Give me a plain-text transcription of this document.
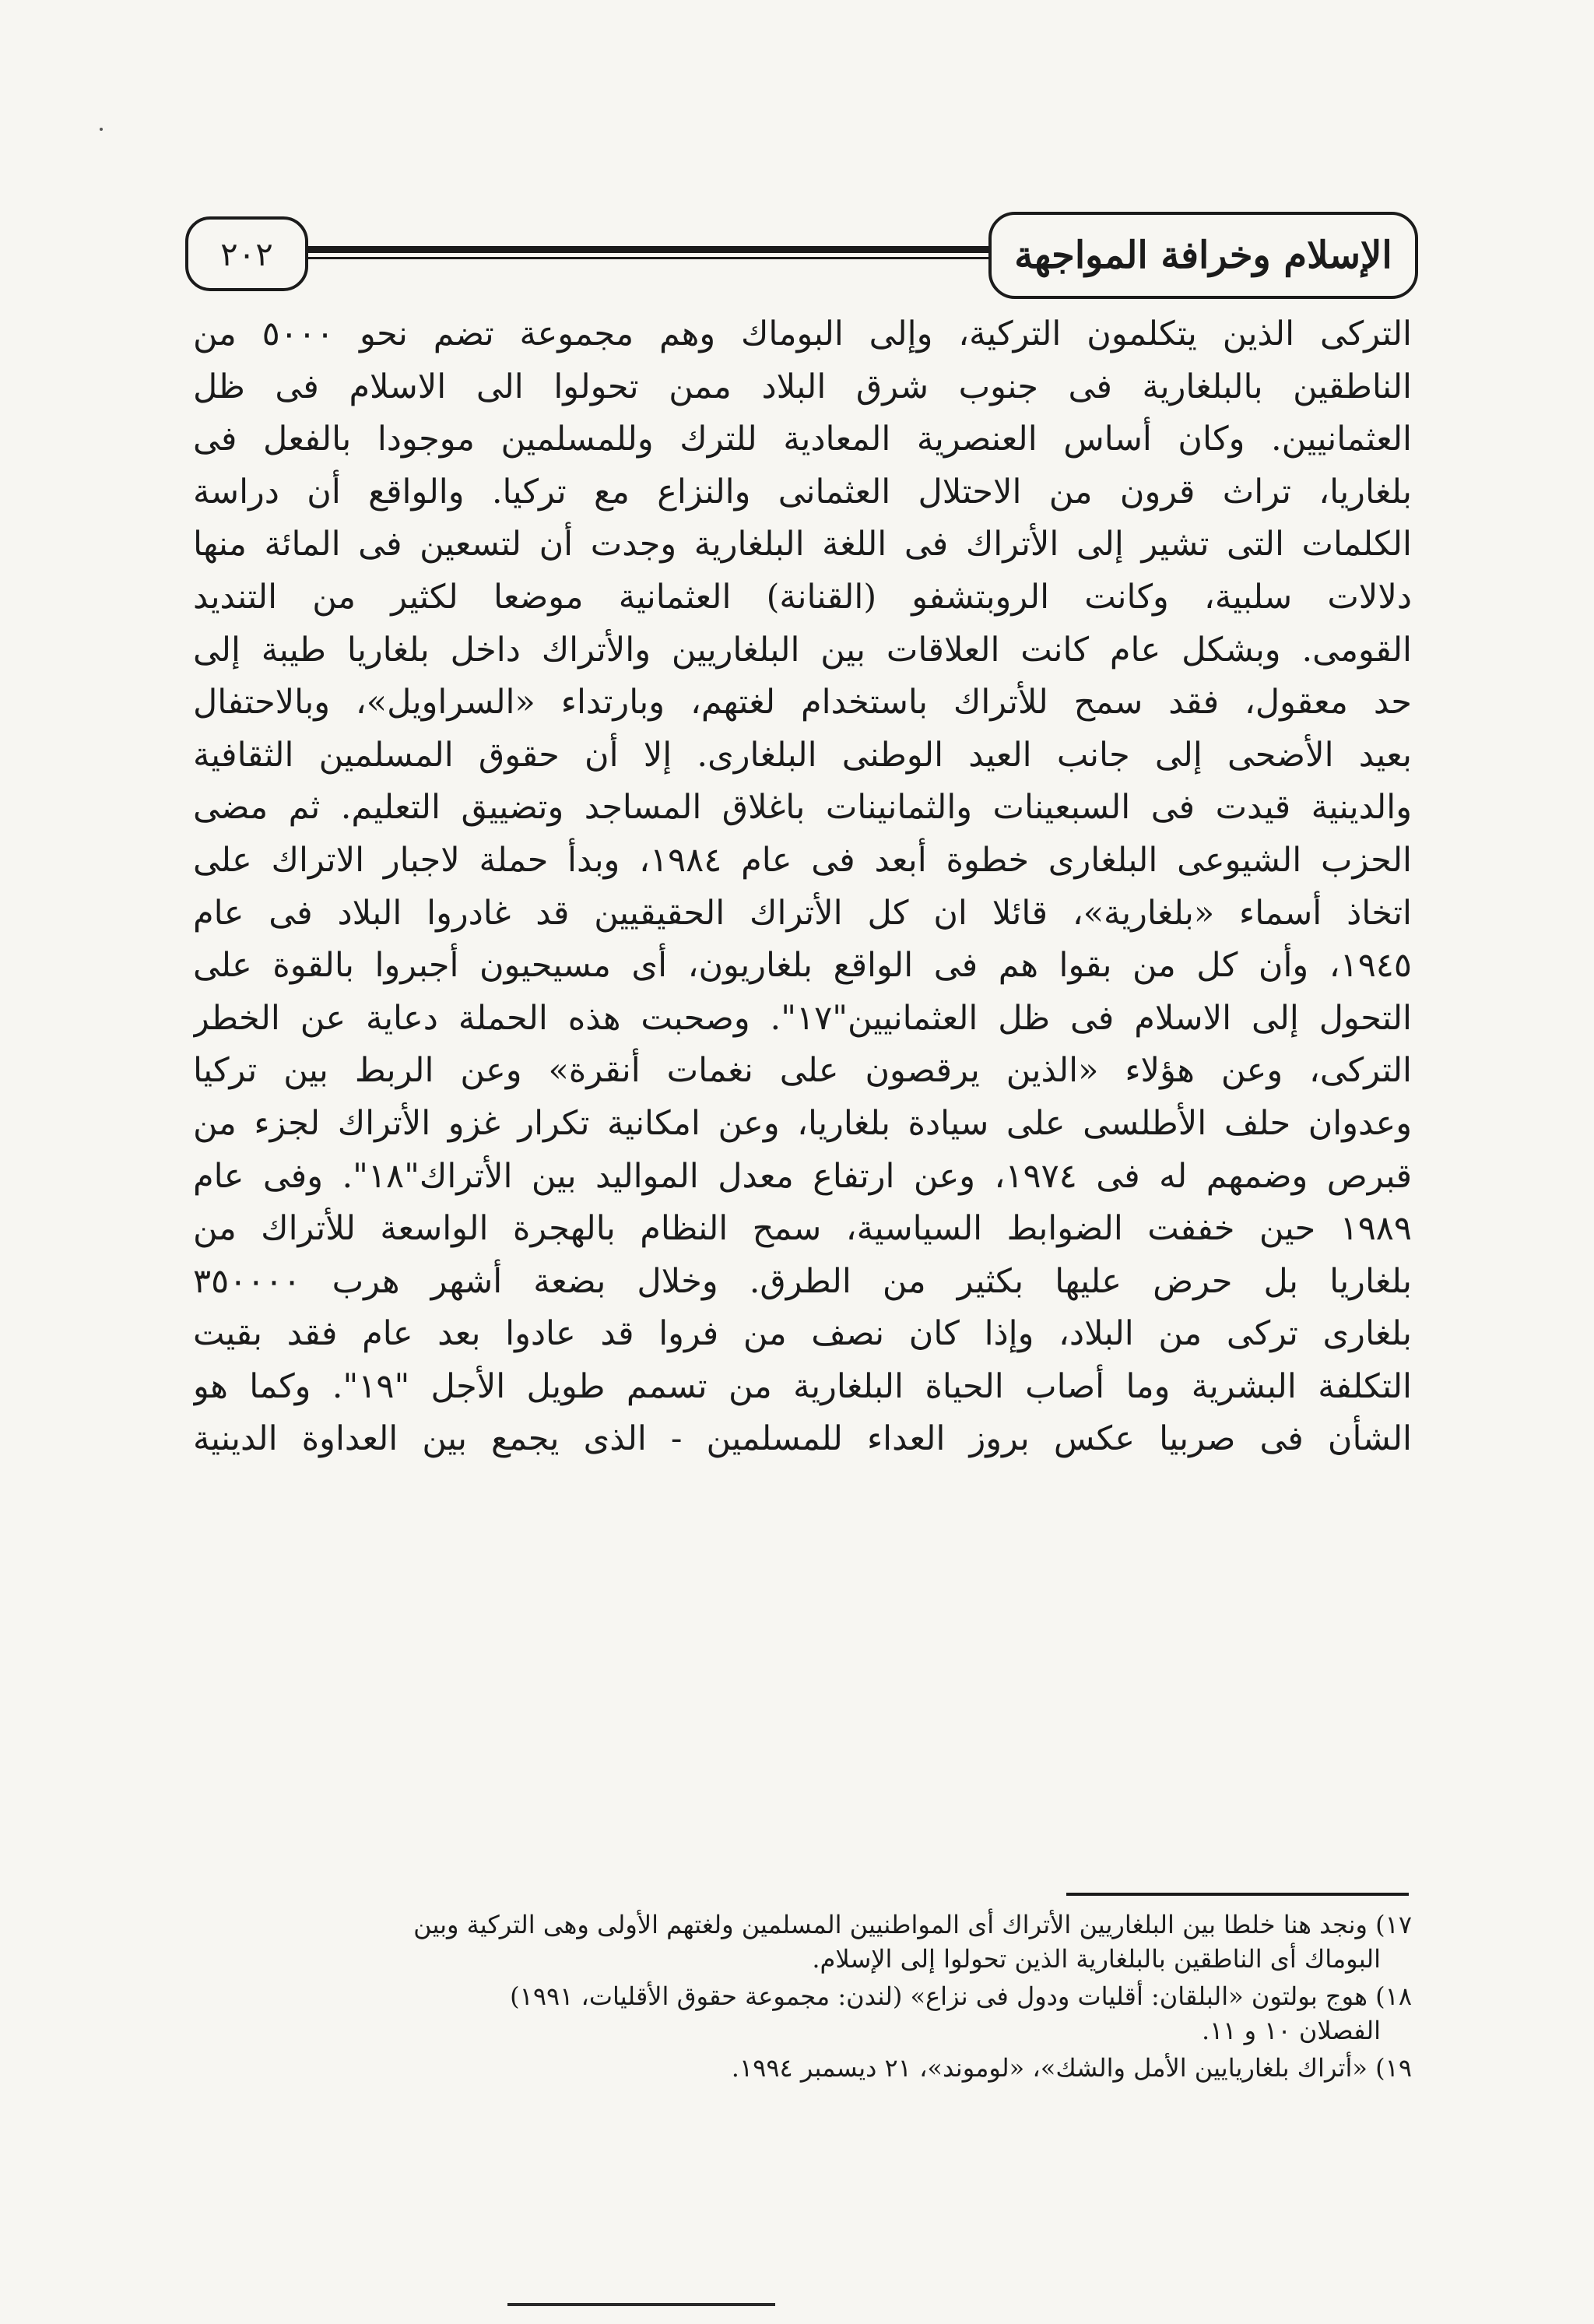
٢٠٢	الإسلام وخرافة المواجهة
التركى الذين يتكلمون التركية، وإلى البوماك وهم مجموعة تضم نحو ٥٠٠٠ من
الناطقين بالبلغارية فى جنوب شرق البلاد ممن تحولوا الى الاسلام فى ظل
العثمانيين. وكان أساس العنصرية المعادية للترك وللمسلمين موجودا بالفعل فى
بلغاريا، تراث قرون من الاحتلال العثمانى والنزاع مع تركيا. والواقع أن دراسة
الكلمات التى تشير إلى الأتراك فى اللغة البلغارية وجدت أن لتسعين فى المائة منها
دلالات سلبية، وكانت الروبتشفو (القنانة) العثمانية موضعا لكثير من التنديد
القومى. وبشكل عام كانت العلاقات بين البلغاريين والأتراك داخل بلغاريا طيبة إلى
حد معقول، فقد سمح للأتراك باستخدام لغتهم، وبارتداء «السراويل»، وبالاحتفال
بعيد الأضحى إلى جانب العيد الوطنى البلغارى. إلا أن حقوق المسلمين الثقافية
والدينية قيدت فى السبعينات والثمانينات باغلاق المساجد وتضييق التعليم. ثم مضى
الحزب الشيوعى البلغارى خطوة أبعد فى عام ١٩٨٤، وبدأ حملة لاجبار الاتراك على
اتخاذ أسماء «بلغارية»، قائلا ان كل الأتراك الحقيقيين قد غادروا البلاد فى عام
١٩٤٥، وأن كل من بقوا هم فى الواقع بلغاريون، أى مسيحيون أجبروا بالقوة على
التحول إلى الاسلام فى ظل العثمانيين"١٧". وصحبت هذه الحملة دعاية عن الخطر
التركى، وعن هؤلاء «الذين يرقصون على نغمات أنقرة» وعن الربط بين تركيا
وعدوان حلف الأطلسى على سيادة بلغاريا، وعن امكانية تكرار غزو الأتراك لجزء من
قبرص وضمهم له فى ١٩٧٤، وعن ارتفاع معدل المواليد بين الأتراك"١٨". وفى عام
١٩٨٩ حين خففت الضوابط السياسية، سمح النظام بالهجرة الواسعة للأتراك من
بلغاريا بل حرض عليها بكثير من الطرق. وخلال بضعة أشهر هرب ٣٥٠٠٠٠
بلغارى تركى من البلاد، وإذا كان نصف من فروا قد عادوا بعد عام فقد بقيت
التكلفة البشرية وما أصاب الحياة البلغارية من تسمم طويل الأجل "١٩". وكما هو
الشأن فى صربيا عكس بروز العداء للمسلمين - الذى يجمع بين العداوة الدينية
١٧) ونجد هنا خلطا بين البلغاريين الأتراك أى المواطنيين المسلمين ولغتهم الأولى وهى التركية وبين
البوماك أى الناطقين بالبلغارية الذين تحولوا إلى الإسلام.
١٨) هوج بولتون «البلقان: أقليات ودول فى نزاع» (لندن: مجموعة حقوق الأقليات، ١٩٩١)
الفصلان ١٠ و ١١.
١٩) «أتراك بلغاريايين الأمل والشك»، «لوموند»، ٢١ ديسمبر ١٩٩٤.
